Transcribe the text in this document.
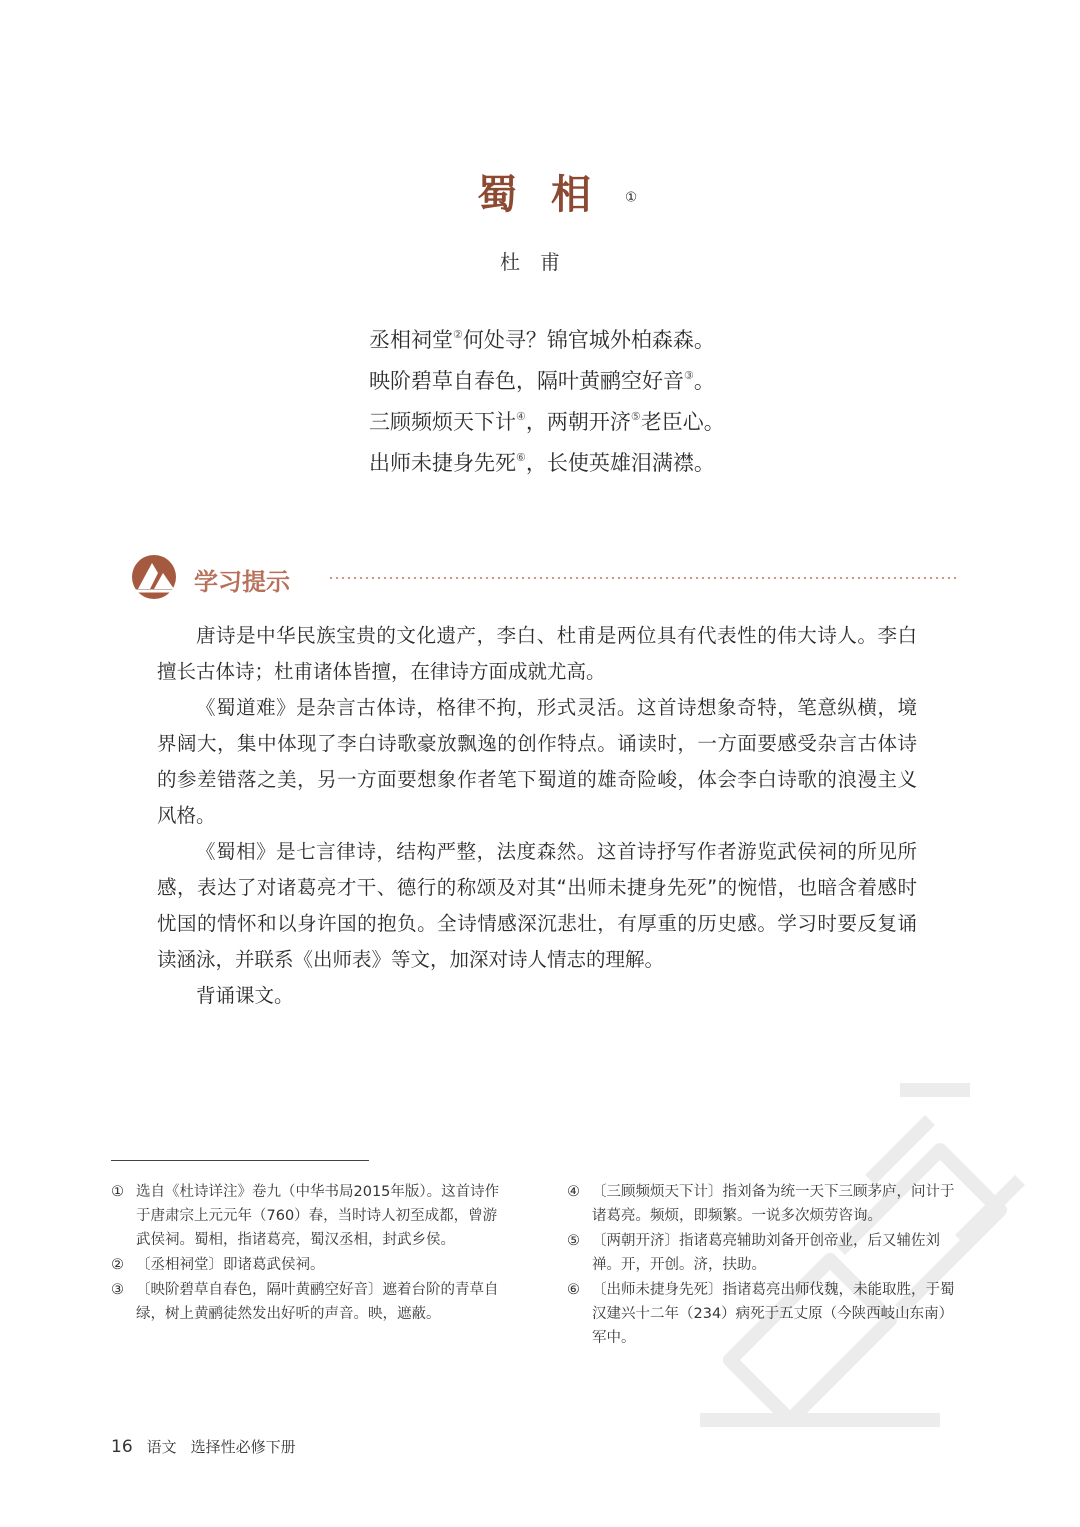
蜀相①
杜甫
丞相祠堂②何处寻？锦官城外柏森森。
映阶碧草自春色，隔叶黄鹂空好音③。
三顾频烦天下计④，两朝开济⑤老臣心。
出师未捷身先死⑥，长使英雄泪满襟。
学习提示

唐诗是中华民族宝贵的文化遗产，李白、杜甫是两位具有代表性的伟大诗人。李白擅长古体诗；杜甫诸体皆擅，在律诗方面成就尤高。

《蜀道难》是杂言古体诗，格律不拘，形式灵活。这首诗想象奇特，笔意纵横，境界阔大，集中体现了李白诗歌豪放飘逸的创作特点。诵读时，一方面要感受杂言古体诗的参差错落之美，另一方面要想象作者笔下蜀道的雄奇险峻，体会李白诗歌的浪漫主义风格。

《蜀相》是七言律诗，结构严整，法度森然。这首诗抒写作者游览武侯祠的所见所感，表达了对诸葛亮才干、德行的称颂及对其“出师未捷身先死”的惋惜，也暗含着感时忧国的情怀和以身许国的抱负。全诗情感深沉悲壮，有厚重的历史感。学习时要反复诵读涵泳，并联系《出师表》等文，加深对诗人情志的理解。

背诵课文。

① 选自《杜诗详注》卷九（中华书局2015年版）。这首诗作于唐肃宗上元元年（760）春，当时诗人初至成都，曾游武侯祠。蜀相，指诸葛亮，蜀汉丞相，封武乡侯。
② 〔丞相祠堂〕即诸葛武侯祠。
③ 〔映阶碧草自春色，隔叶黄鹂空好音〕遮着台阶的青草自绿，树上黄鹂徒然发出好听的声音。映，遮蔽。
④ 〔三顾频烦天下计〕指刘备为统一天下三顾茅庐，问计于诸葛亮。频烦，即频繁。一说多次烦劳咨询。
⑤ 〔两朝开济〕指诸葛亮辅助刘备开创帝业，后又辅佐刘禅。开，开创。济，扶助。
⑥ 〔出师未捷身先死〕指诸葛亮出师伐魏，未能取胜，于蜀汉建兴十二年（234）病死于五丈原（今陕西岐山东南）军中。
16 语文 选择性必修下册
